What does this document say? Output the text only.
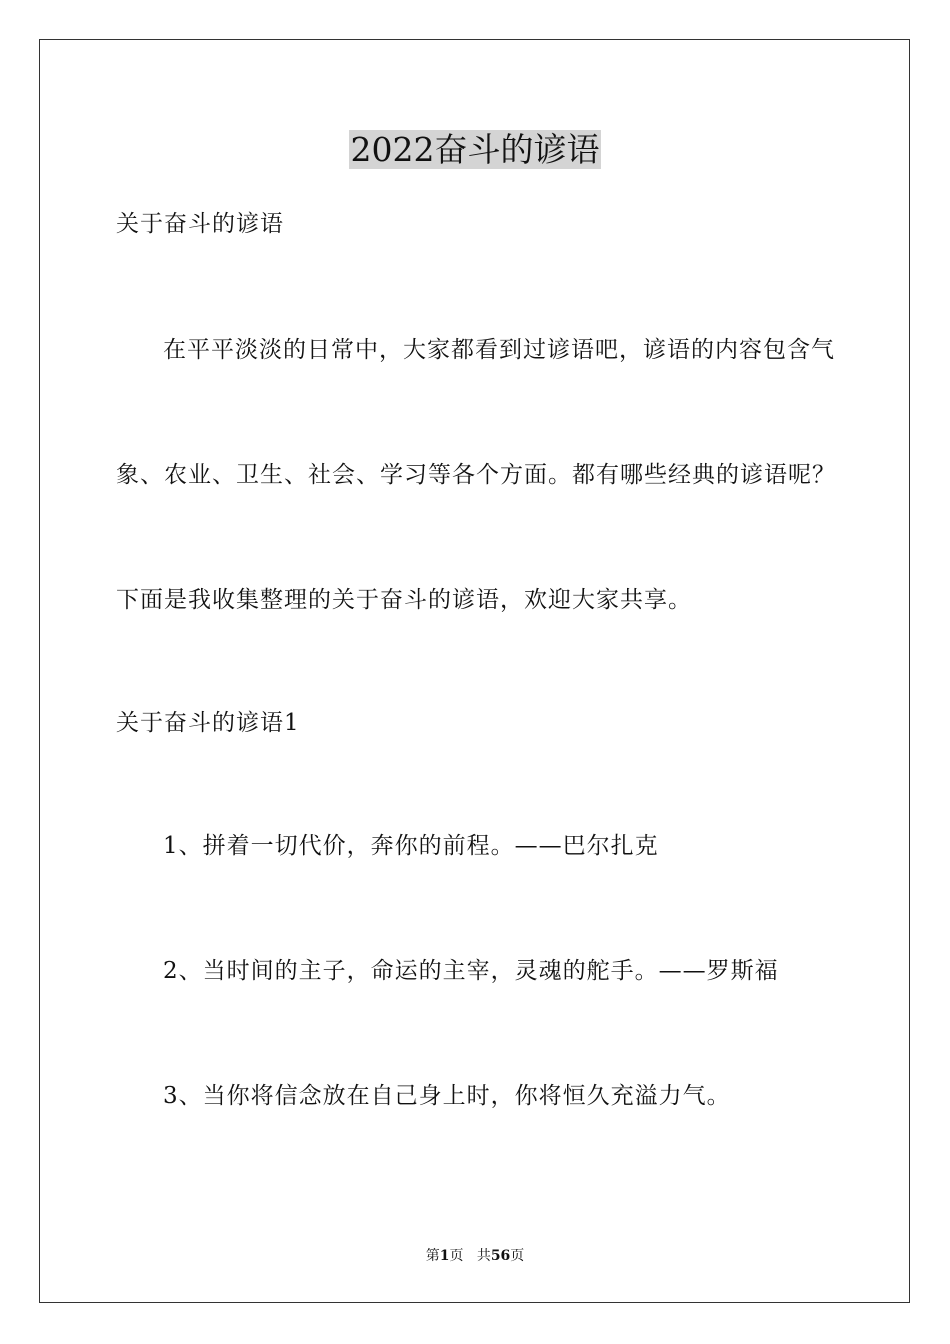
2022奋斗的谚语
关于奋斗的谚语
在平平淡淡的日常中，大家都看到过谚语吧，谚语的内容包含气
象、农业、卫生、社会、学习等各个方面。都有哪些经典的谚语呢？
下面是我收集整理的关于奋斗的谚语，欢迎大家共享。
关于奋斗的谚语1
1、拼着一切代价，奔你的前程。——巴尔扎克
2、当时间的主子，命运的主宰，灵魂的舵手。——罗斯福
3、当你将信念放在自己身上时，你将恒久充溢力气。
第1页 共56页
